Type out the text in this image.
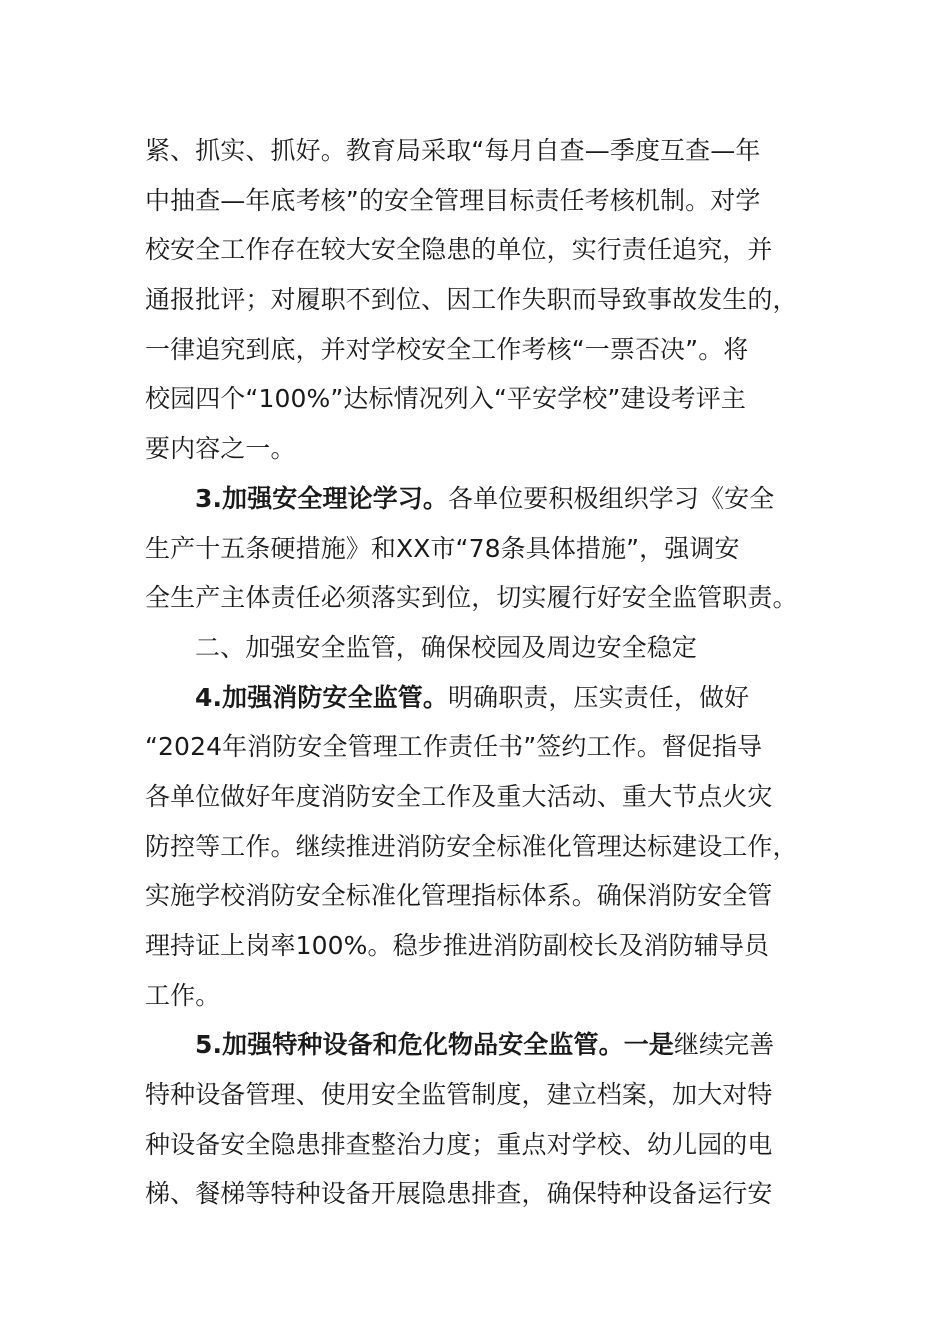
紧、抓实、抓好。教育局采取“每月自查—季度互查—年
中抽查—年底考核”的安全管理目标责任考核机制。对学
校安全工作存在较大安全隐患的单位，实行责任追究，并
通报批评；对履职不到位、因工作失职而导致事故发生的，
一律追究到底，并对学校安全工作考核“一票否决”。将
校园四个“100%”达标情况列入“平安学校”建设考评主
要内容之一。
3.加强安全理论学习。各单位要积极组织学习《安全
生产十五条硬措施》和XX市“78条具体措施”，强调安
全生产主体责任必须落实到位，切实履行好安全监管职责。
二、加强安全监管，确保校园及周边安全稳定
4.加强消防安全监管。明确职责，压实责任，做好
“2024年消防安全管理工作责任书”签约工作。督促指导
各单位做好年度消防安全工作及重大活动、重大节点火灾
防控等工作。继续推进消防安全标准化管理达标建设工作，
实施学校消防安全标准化管理指标体系。确保消防安全管
理持证上岗率100%。稳步推进消防副校长及消防辅导员
工作。
5.加强特种设备和危化物品安全监管。一是继续完善
特种设备管理、使用安全监管制度，建立档案，加大对特
种设备安全隐患排查整治力度；重点对学校、幼儿园的电
梯、餐梯等特种设备开展隐患排查，确保特种设备运行安
